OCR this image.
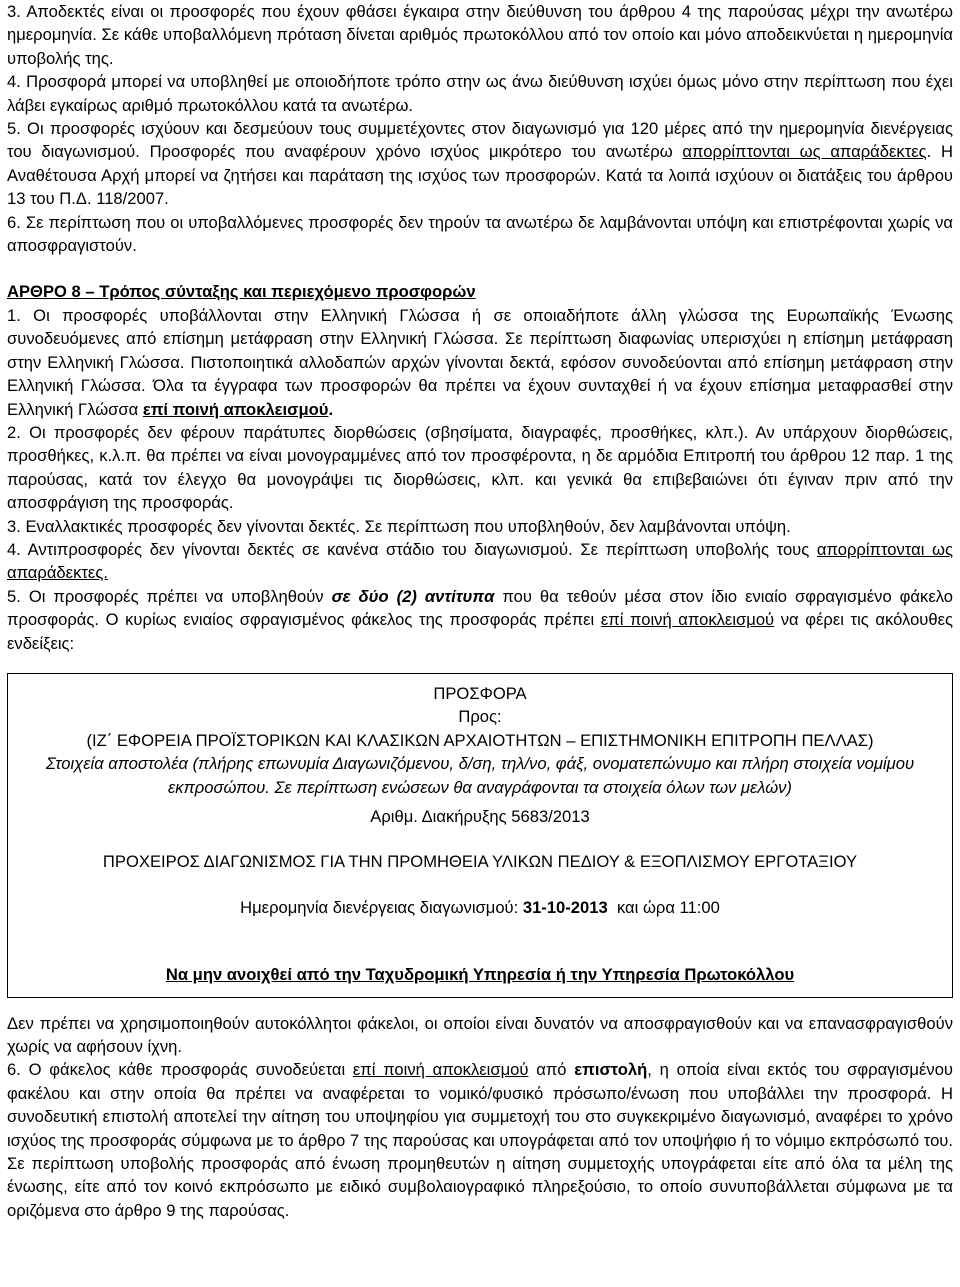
3. Αποδεκτές είναι οι προσφορές που έχουν φθάσει έγκαιρα στην διεύθυνση του άρθρου 4 της παρούσας μέχρι την ανωτέρω ημερομηνία. Σε κάθε υποβαλλόμενη πρόταση δίνεται αριθμός πρωτοκόλλου από τον οποίο και μόνο αποδεικνύεται η ημερομηνία υποβολής της.

4. Προσφορά μπορεί να υποβληθεί με οποιοδήποτε τρόπο στην ως άνω διεύθυνση ισχύει όμως μόνο στην περίπτωση που έχει λάβει εγκαίρως αριθμό πρωτοκόλλου κατά τα ανωτέρω.

5. Οι προσφορές ισχύουν και δεσμεύουν τους συμμετέχοντες στον διαγωνισμό για 120 μέρες από την ημερομηνία διενέργειας του διαγωνισμού. Προσφορές που αναφέρουν χρόνο ισχύος μικρότερο του ανωτέρω απορρίπτονται ως απαράδεκτες. Η Αναθέτουσα Αρχή μπορεί να ζητήσει και παράταση της ισχύος των προσφορών. Κατά τα λοιπά ισχύουν οι διατάξεις του άρθρου 13 του Π.Δ. 118/2007.

6. Σε περίπτωση που οι υποβαλλόμενες προσφορές δεν τηρούν τα ανωτέρω δε λαμβάνονται υπόψη και επιστρέφονται χωρίς να αποσφραγιστούν.

ΑΡΘΡΟ 8 – Τρόπος σύνταξης και περιεχόμενο προσφορών

1. Οι προσφορές υποβάλλονται στην Ελληνική Γλώσσα ή σε οποιαδήποτε άλλη γλώσσα της Ευρωπαϊκής Ένωσης συνοδευόμενες από επίσημη μετάφραση στην Ελληνική Γλώσσα. Σε περίπτωση διαφωνίας υπερισχύει η επίσημη μετάφραση στην Ελληνική Γλώσσα. Πιστοποιητικά αλλοδαπών αρχών γίνονται δεκτά, εφόσον συνοδεύονται από επίσημη μετάφραση στην Ελληνική Γλώσσα. Όλα τα έγγραφα των προσφορών θα πρέπει να έχουν συνταχθεί ή να έχουν επίσημα μεταφρασθεί στην Ελληνική Γλώσσα επί ποινή αποκλεισμού.

2. Οι προσφορές δεν φέρουν παράτυπες διορθώσεις (σβησίματα, διαγραφές, προσθήκες, κλπ.). Αν υπάρχουν διορθώσεις, προσθήκες, κ.λ.π. θα πρέπει να είναι μονογραμμένες από τον προσφέροντα, η δε αρμόδια Επιτροπή του άρθρου 12 παρ. 1 της παρούσας, κατά τον έλεγχο θα μονογράψει τις διορθώσεις, κλπ. και γενικά θα επιβεβαιώνει ότι έγιναν πριν από την αποσφράγιση της προσφοράς.

3. Εναλλακτικές προσφορές δεν γίνονται δεκτές. Σε περίπτωση που υποβληθούν, δεν λαμβάνονται υπόψη.

4. Αντιπροσφορές δεν γίνονται δεκτές σε κανένα στάδιο του διαγωνισμού. Σε περίπτωση υποβολής τους απορρίπτονται ως απαράδεκτες.

5. Οι προσφορές πρέπει να υποβληθούν σε δύο (2) αντίτυπα που θα τεθούν μέσα στον ίδιο ενιαίο σφραγισμένο φάκελο προσφοράς. Ο κυρίως ενιαίος σφραγισμένος φάκελος της προσφοράς πρέπει επί ποινή αποκλεισμού να φέρει τις ακόλουθες ενδείξεις:

ΠΡΟΣΦΟΡΑ

Προς:

(ΙΖ΄ ΕΦΟΡΕΙΑ ΠΡΟΪΣΤΟΡΙΚΩΝ ΚΑΙ ΚΛΑΣΙΚΩΝ ΑΡΧΑΙΟΤΗΤΩΝ – ΕΠΙΣΤΗΜΟΝΙΚΗ ΕΠΙΤΡΟΠΗ ΠΕΛΛΑΣ)

Στοιχεία αποστολέα (πλήρης επωνυμία Διαγωνιζόμενου, δ/ση, τηλ/νο, φάξ, ονοματεπώνυμο και πλήρη στοιχεία νομίμου

εκπροσώπου. Σε περίπτωση ενώσεων θα αναγράφονται τα στοιχεία όλων των μελών)

Αριθμ. Διακήρυξης 5683/2013

ΠΡΟΧΕΙΡΟΣ ΔΙΑΓΩΝΙΣΜΟΣ ΓΙΑ ΤΗΝ ΠΡΟΜΗΘΕΙΑ ΥΛΙΚΩΝ ΠΕΔΙΟΥ & ΕΞΟΠΛΙΣΜΟΥ ΕΡΓΟΤΑΞΙΟΥ

Ημερομηνία διενέργειας διαγωνισμού: 31-10-2013  και ώρα 11:00

Να μην ανοιχθεί από την Ταχυδρομική Υπηρεσία ή την Υπηρεσία Πρωτοκόλλου

Δεν πρέπει να χρησιμοποιηθούν αυτοκόλλητοι φάκελοι, οι οποίοι είναι δυνατόν να αποσφραγισθούν και να επανασφραγισθούν χωρίς να αφήσουν ίχνη.

6. Ο φάκελος κάθε προσφοράς συνοδεύεται επί ποινή αποκλεισμού από επιστολή, η οποία είναι εκτός του σφραγισμένου φακέλου και στην οποία θα πρέπει να αναφέρεται το νομικό/φυσικό πρόσωπο/ένωση που υποβάλλει την προσφορά. Η συνοδευτική επιστολή αποτελεί την αίτηση του υποψηφίου για συμμετοχή του στο συγκεκριμένο διαγωνισμό, αναφέρει το χρόνο ισχύος της προσφοράς σύμφωνα με το άρθρο 7 της παρούσας και υπογράφεται από τον υποψήφιο ή το νόμιμο εκπρόσωπό του. Σε περίπτωση υποβολής προσφοράς από ένωση προμηθευτών η αίτηση συμμετοχής υπογράφεται είτε από όλα τα μέλη της ένωσης, είτε από τον κοινό εκπρόσωπο με ειδικό συμβολαιογραφικό πληρεξούσιο, το οποίο συνυποβάλλεται σύμφωνα με τα οριζόμενα στο άρθρο 9 της παρούσας.
